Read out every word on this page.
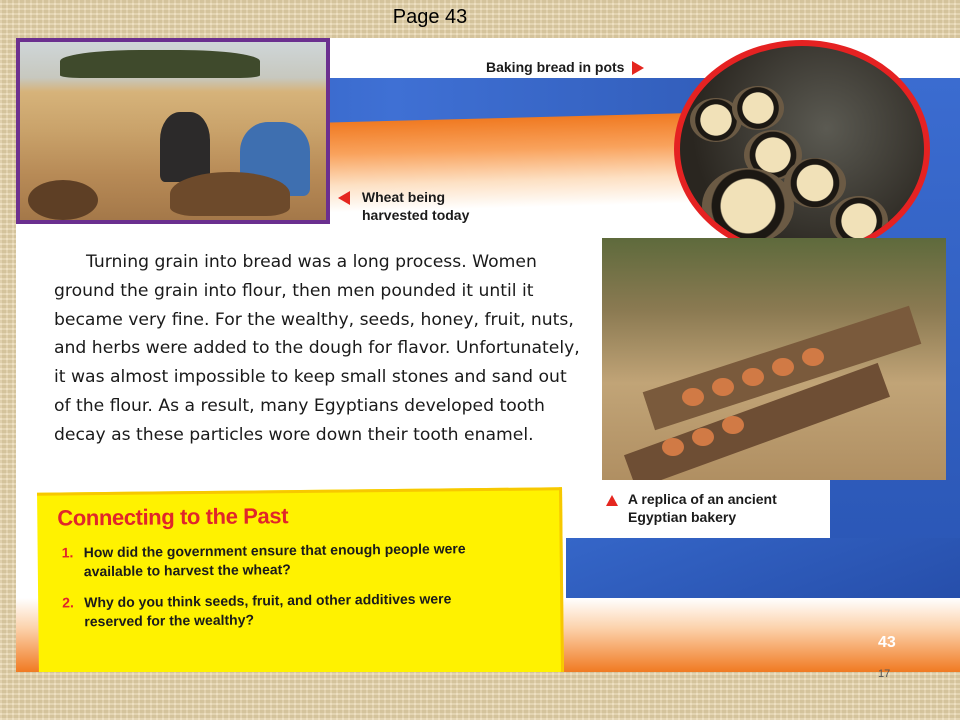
Page 43
Baking bread in pots
Wheat being
harvested today
A replica of an ancient
Egyptian bakery

Turning grain into bread was a long process. Women ground the grain into flour, then men pounded it until it became very fine. For the wealthy, seeds, honey, fruit, nuts, and herbs were added to the dough for flavor. Unfortunately, it was almost impossible to keep small stones and sand out of the flour. As a result, many Egyptians developed tooth decay as these particles wore down their tooth enamel.

Connecting to the Past
1. How did the government ensure that enough people were
available to harvest the wheat?
2. Why do you think seeds, fruit, and other additives were
reserved for the wealthy?
43
17
